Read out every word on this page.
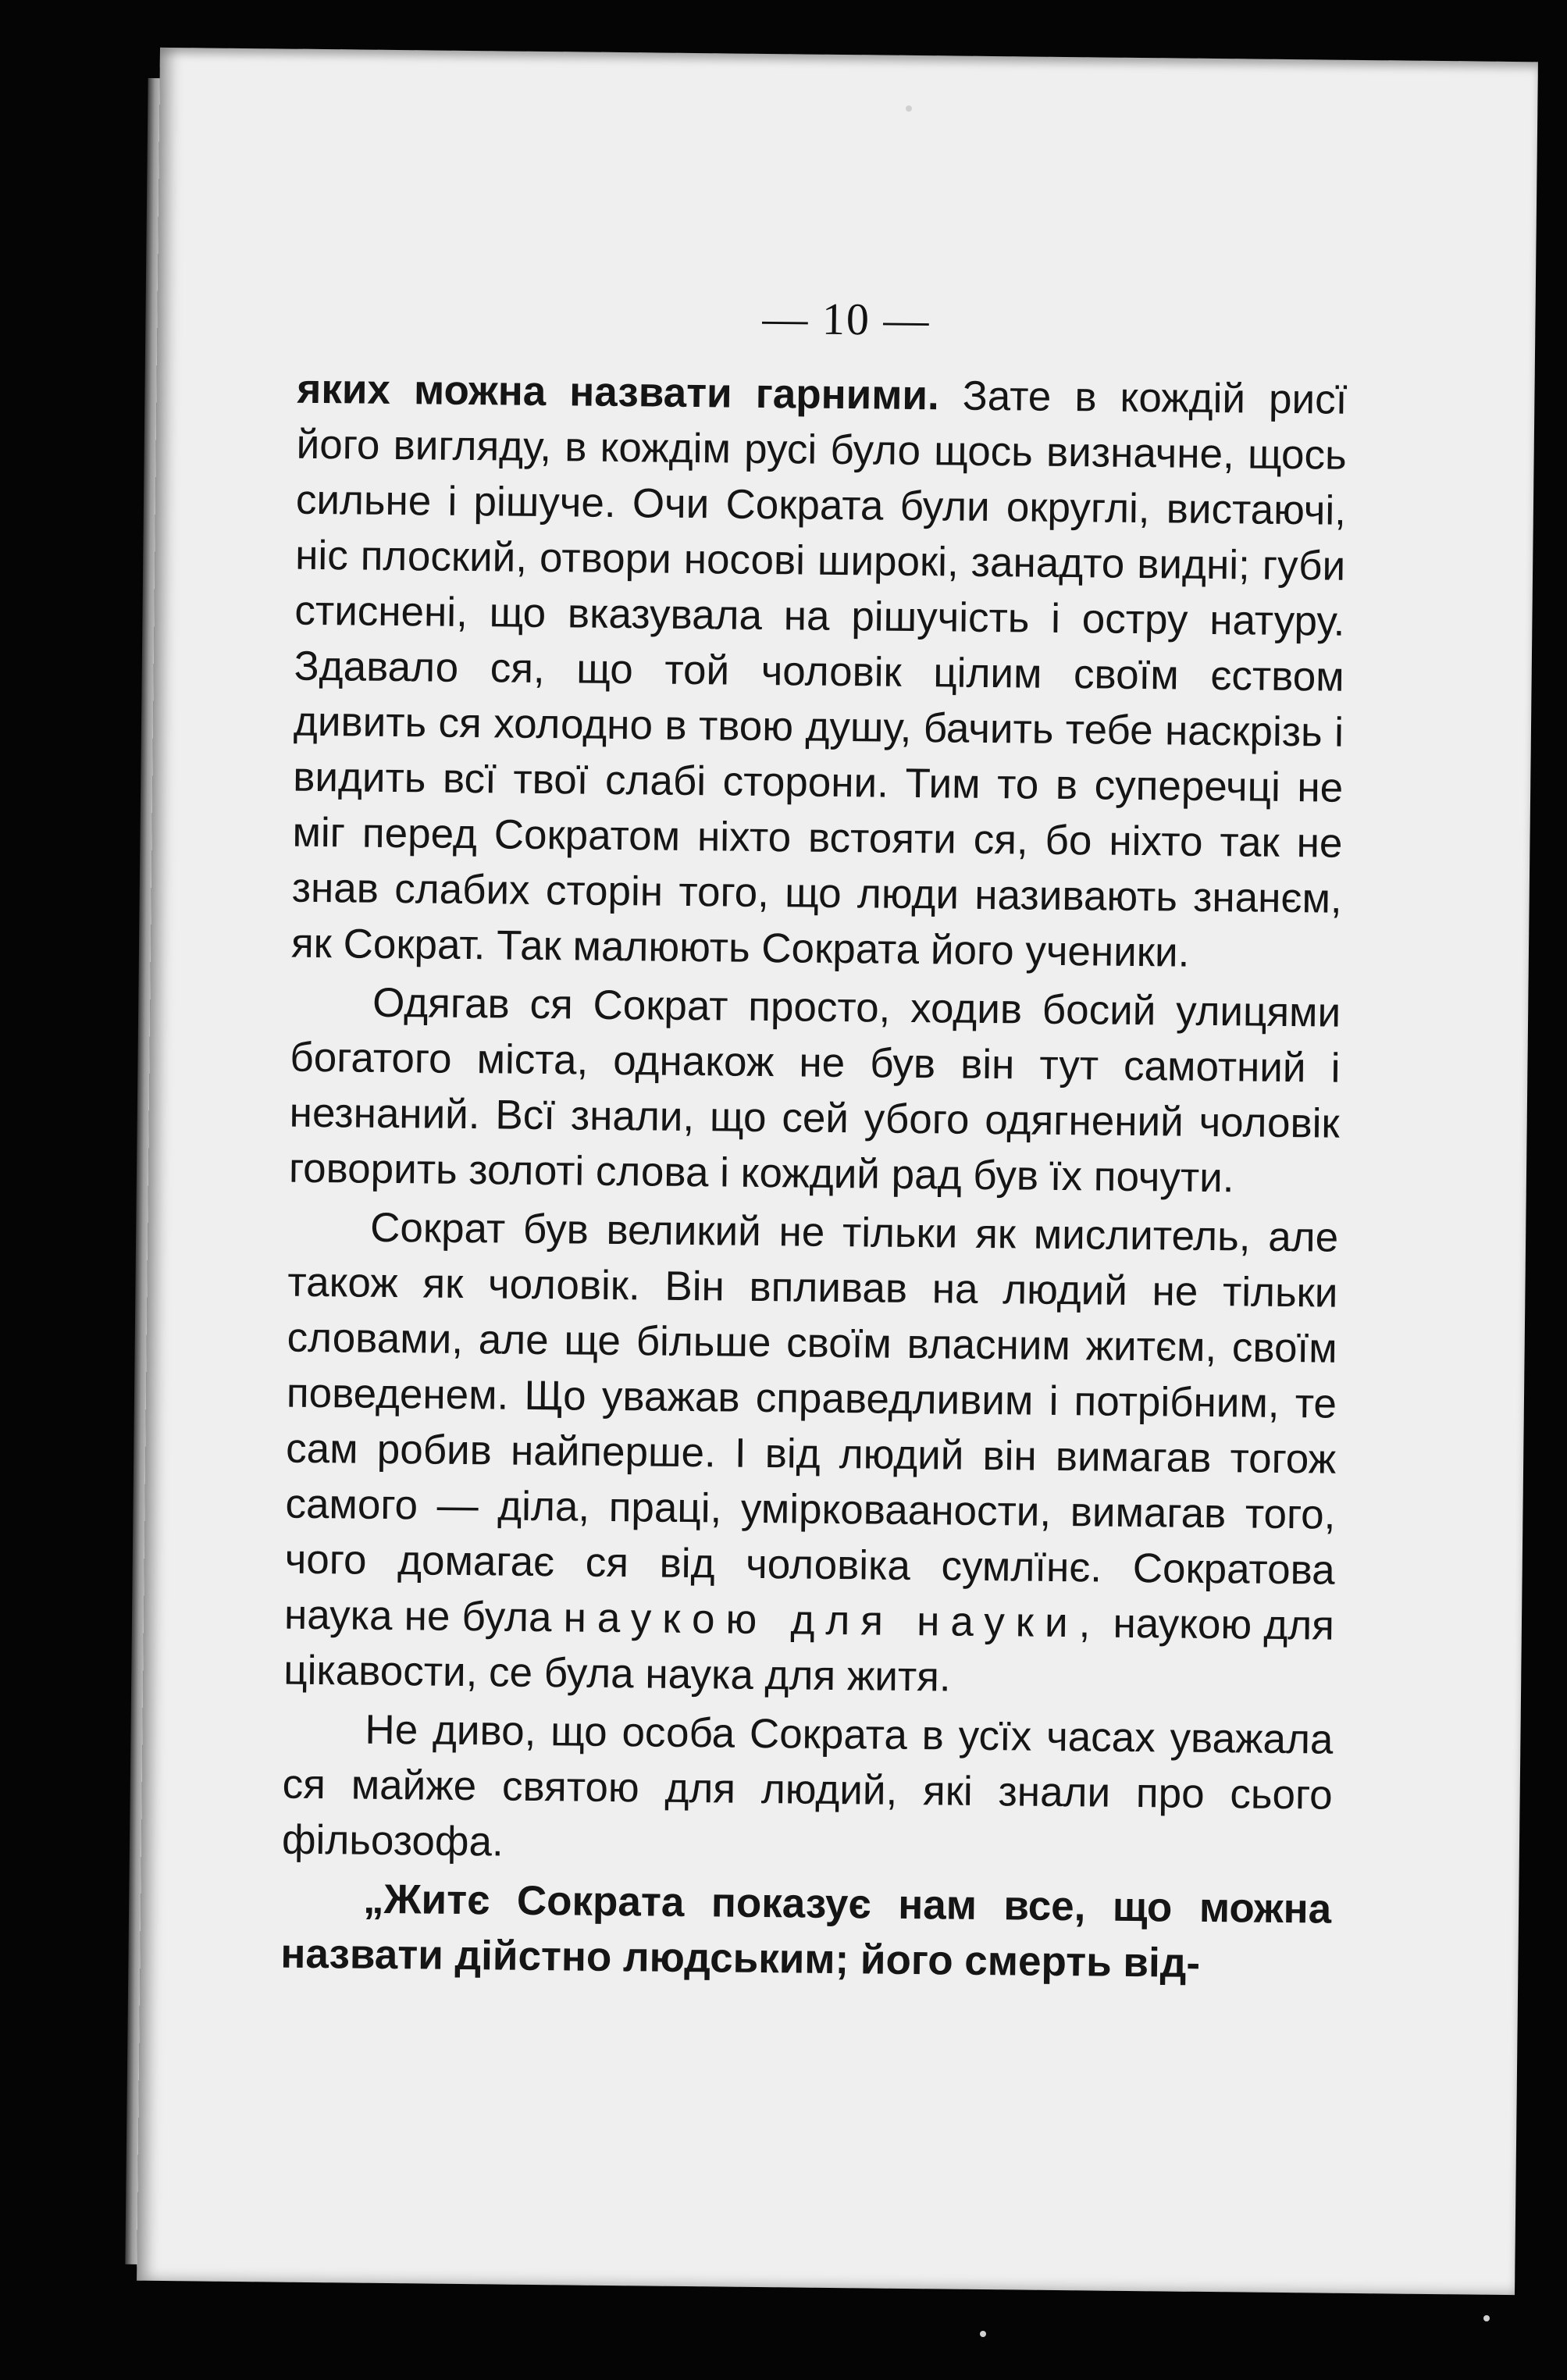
— 10 —

яких можна назвати гарними. Зате в кождій рисї його вигляду, в кождім русі було щось визначне, щось сильне і рішуче. Очи Сократа були округлі, вистаючі, ніс плоский, отвори носові широкі, занадто видні; губи стиснені, що вказувала на рішучість і остру натуру. Здавало ся, що той чоловік цілим своїм єством дивить ся холодно в твою душу, бачить тебе наскрізь і видить всї твої слабі сторони. Тим то в суперечці не міг перед Сократом ніхто встояти ся, бо ніхто так не знав слабих сторін того, що люди називають знанєм, як Сократ. Так малюють Сократа його ученики.

Одягав ся Сократ просто, ходив босий улицями богатого міста, однакож не був він тут самотний і незнаний. Всї знали, що сей убого одягнений чоловік говорить золоті слова і кождий рад був їх почути.

Сократ був великий не тільки як мислитель, але також як чоловік. Він впливав на людий не тільки словами, але ще більше своїм власним житєм, своїм поведенем. Що уважав справедливим і потрібним, те сам робив найперше. І від людий він вимагав тогож самого — діла, праці, умірковаaности, вимагав того, чого домагає ся від чоловіка сумлїнє. Сократова наука не була наукою для науки, наукою для цікавости, се була наука для житя.

Не диво, що особа Сократа в усїх часах уважала ся майже святою для людий, які знали про сього фільозофа.

„Житє Сократа показує нам все, що можна назвати дійстно людським; його смерть від-
